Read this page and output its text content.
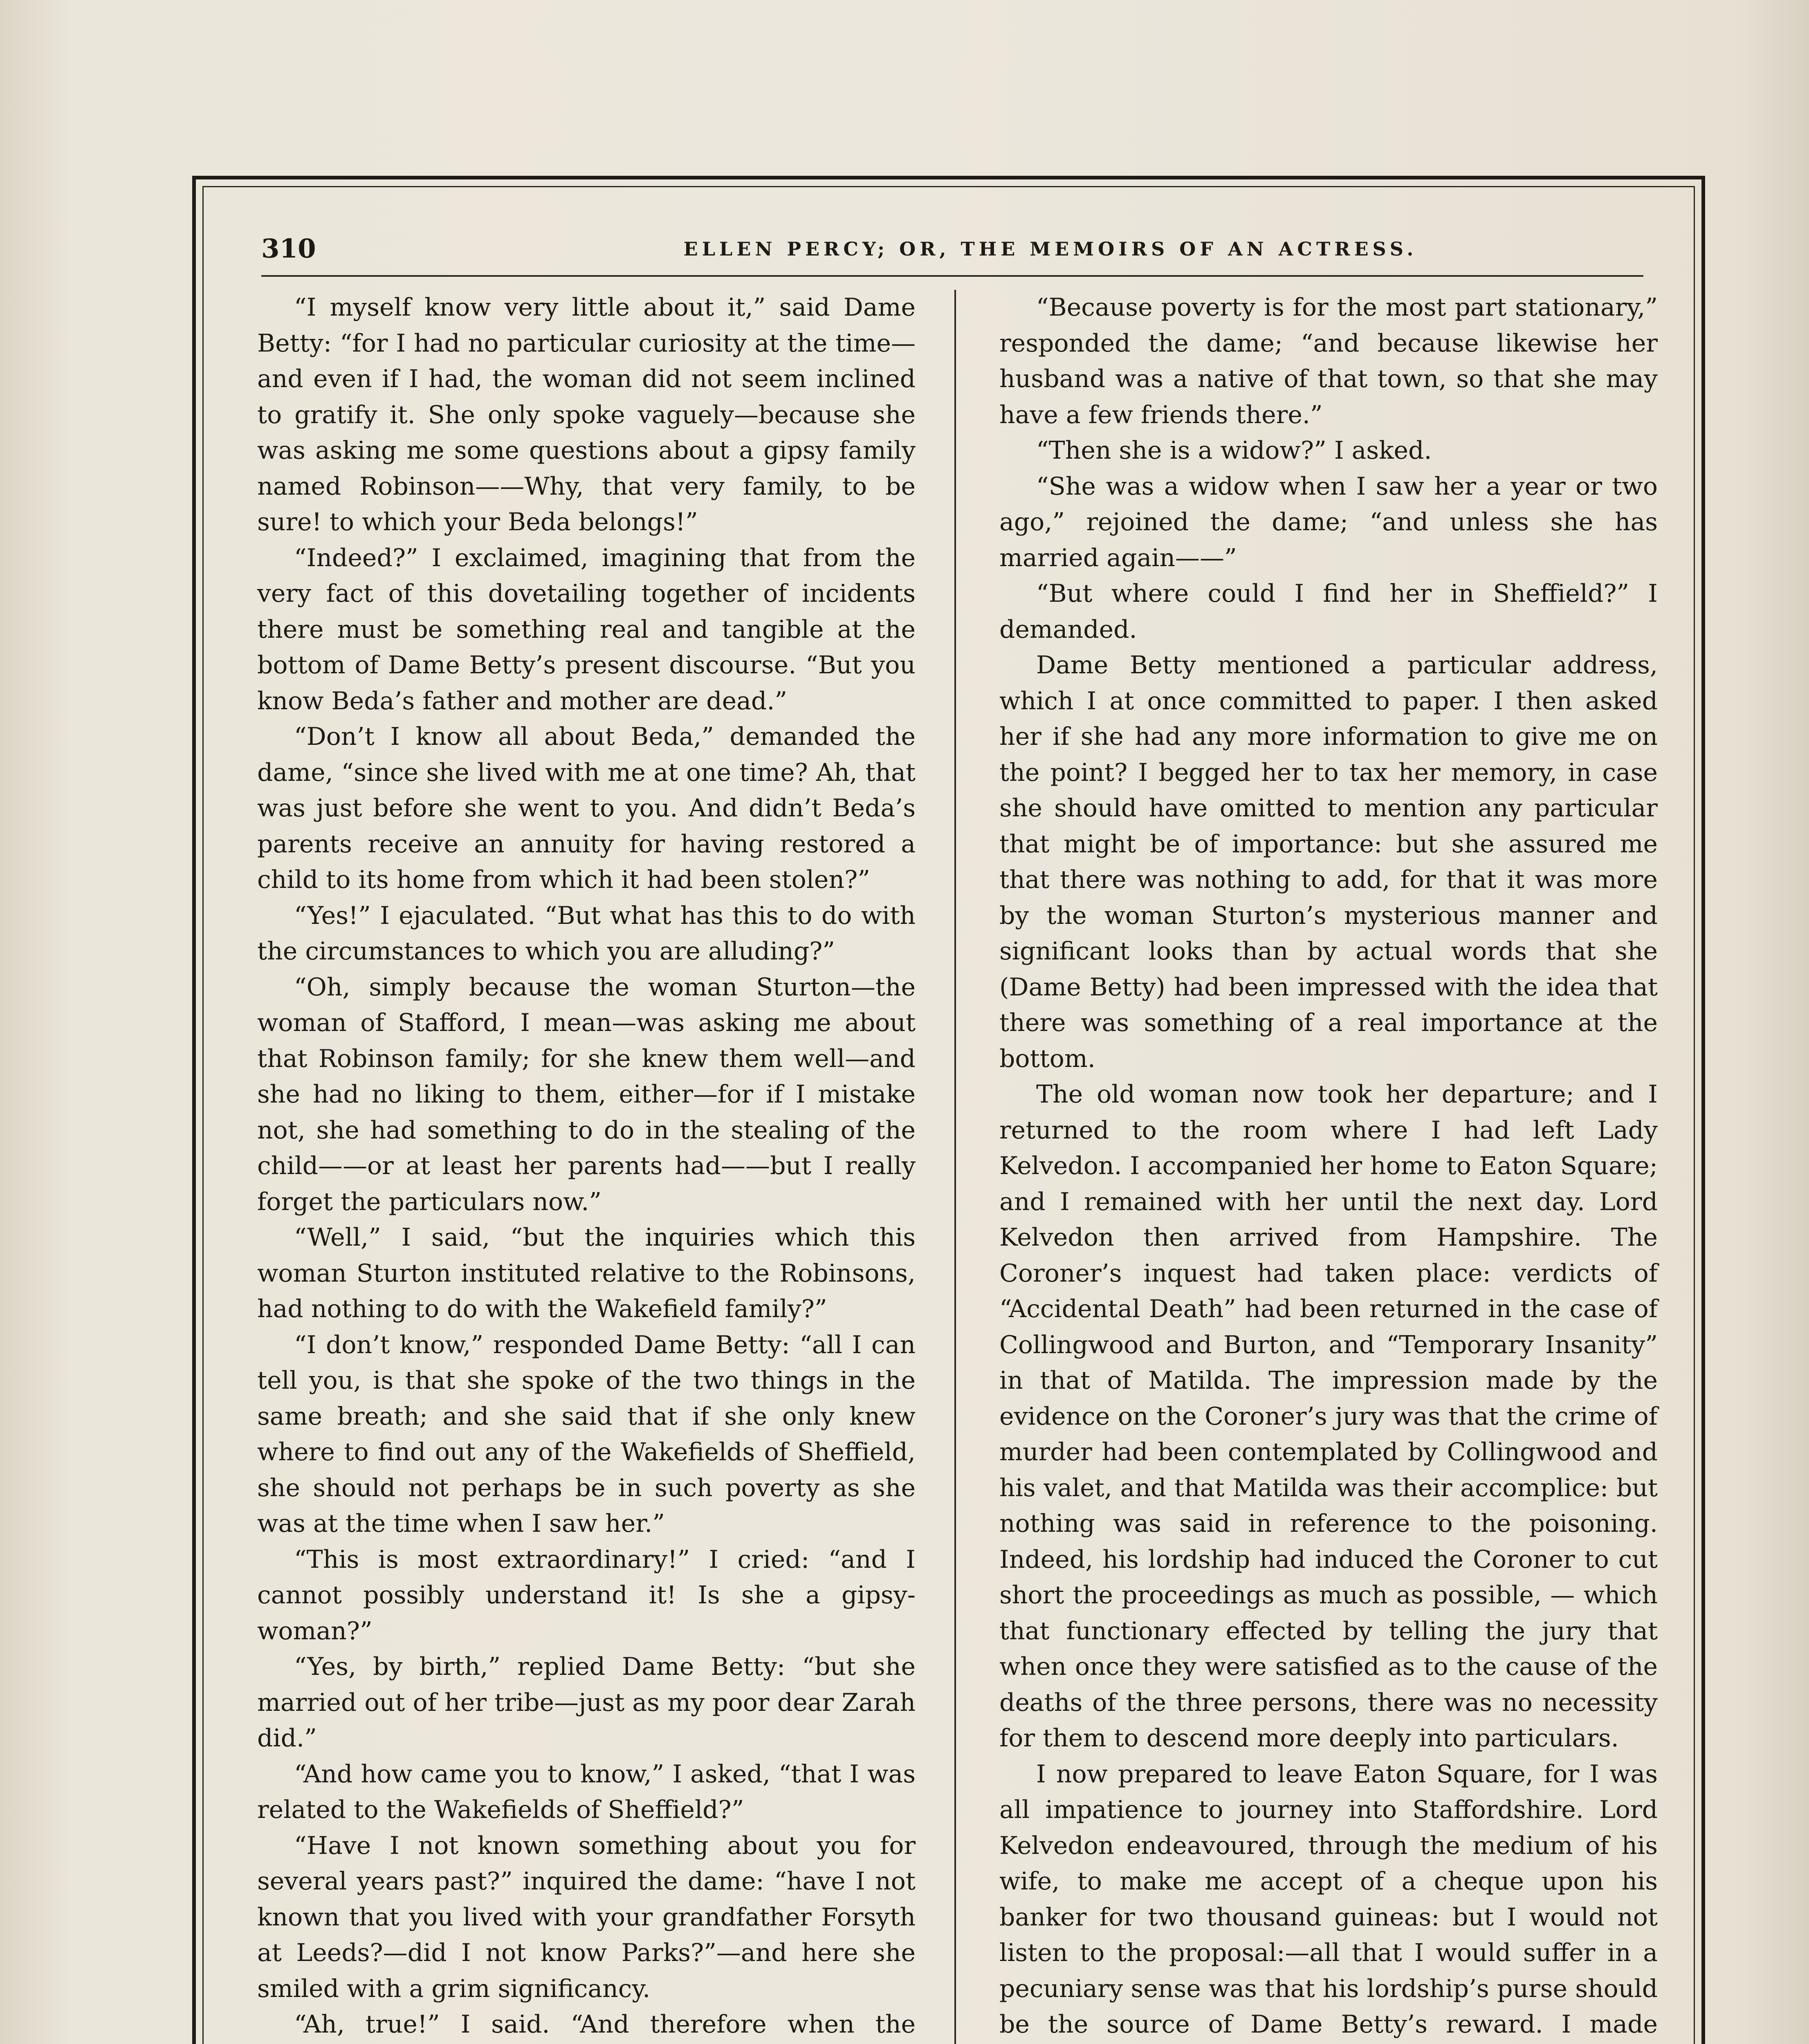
310	ELLEN PERCY; OR, THE MEMOIRS OF AN ACTRESS.

“I myself know very little about it,” said Dame Betty: “for I had no particular curiosity at the time—and even if I had, the woman did not seem inclined to gratify it. She only spoke vaguely—because she was asking me some questions about a gipsy family named Robinson——Why, that very family, to be sure! to which your Beda belongs!”

“Indeed?” I exclaimed, imagining that from the very fact of this dovetailing together of incidents there must be something real and tangible at the bottom of Dame Betty’s present discourse. “But you know Beda’s father and mother are dead.”

“Don’t I know all about Beda,” demanded the dame, “since she lived with me at one time? Ah, that was just before she went to you. And didn’t Beda’s parents receive an annuity for having restored a child to its home from which it had been stolen?”

“Yes!” I ejaculated. “But what has this to do with the circumstances to which you are alluding?”

“Oh, simply because the woman Sturton—the woman of Stafford, I mean—was asking me about that Robinson family; for she knew them well—and she had no liking to them, either—for if I mistake not, she had something to do in the stealing of the child——or at least her parents had——but I really forget the particulars now.”

“Well,” I said, “but the inquiries which this woman Sturton instituted relative to the Robinsons, had nothing to do with the Wakefield family?”

“I don’t know,” responded Dame Betty: “all I can tell you, is that she spoke of the two things in the same breath; and she said that if she only knew where to find out any of the Wakefields of Sheffield, she should not perhaps be in such poverty as she was at the time when I saw her.”

“This is most extraordinary!” I cried: “and I cannot possibly understand it! Is she a gipsy-woman?”

“Yes, by birth,” replied Dame Betty: “but she married out of her tribe—just as my poor dear Zarah did.”

“And how came you to know,” I asked, “that I was related to the Wakefields of Sheffield?”

“Have I not known something about you for several years past?” inquired the dame: “have I not known that you lived with your grandfather Forsyth at Leeds?—did I not know Parks?”—and here she smiled with a grim significancy.

“Ah, true!” I said. “And therefore when the

“Because poverty is for the most part stationary,” responded the dame; “and because likewise her husband was a native of that town, so that she may have a few friends there.”

“Then she is a widow?” I asked.

“She was a widow when I saw her a year or two ago,” rejoined the dame; “and unless she has married again——”

“But where could I find her in Sheffield?” I demanded.

Dame Betty mentioned a particular address, which I at once committed to paper. I then asked her if she had any more information to give me on the point? I begged her to tax her memory, in case she should have omitted to mention any particular that might be of importance: but she assured me that there was nothing to add, for that it was more by the woman Sturton’s mysterious manner and significant looks than by actual words that she (Dame Betty) had been impressed with the idea that there was something of a real importance at the bottom.

The old woman now took her departure; and I returned to the room where I had left Lady Kelvedon. I accompanied her home to Eaton Square; and I remained with her until the next day. Lord Kelvedon then arrived from Hampshire. The Coroner’s inquest had taken place: verdicts of “Accidental Death” had been returned in the case of Collingwood and Burton, and “Temporary Insanity” in that of Matilda. The impression made by the evidence on the Coroner’s jury was that the crime of murder had been contemplated by Collingwood and his valet, and that Matilda was their accomplice: but nothing was said in reference to the poisoning. Indeed, his lordship had induced the Coroner to cut short the proceedings as much as possible, — which that functionary effected by telling the jury that when once they were satisfied as to the cause of the deaths of the three persons, there was no necessity for them to descend more deeply into particulars.

I now prepared to leave Eaton Square, for I was all impatience to journey into Staffordshire. Lord Kelvedon endeavoured, through the medium of his wife, to make me accept of a cheque upon his banker for two thousand guineas: but I would not listen to the proposal:—all that I would suffer in a pecuniary sense was that his lordship’s purse should be the source of Dame Betty’s reward. I made
